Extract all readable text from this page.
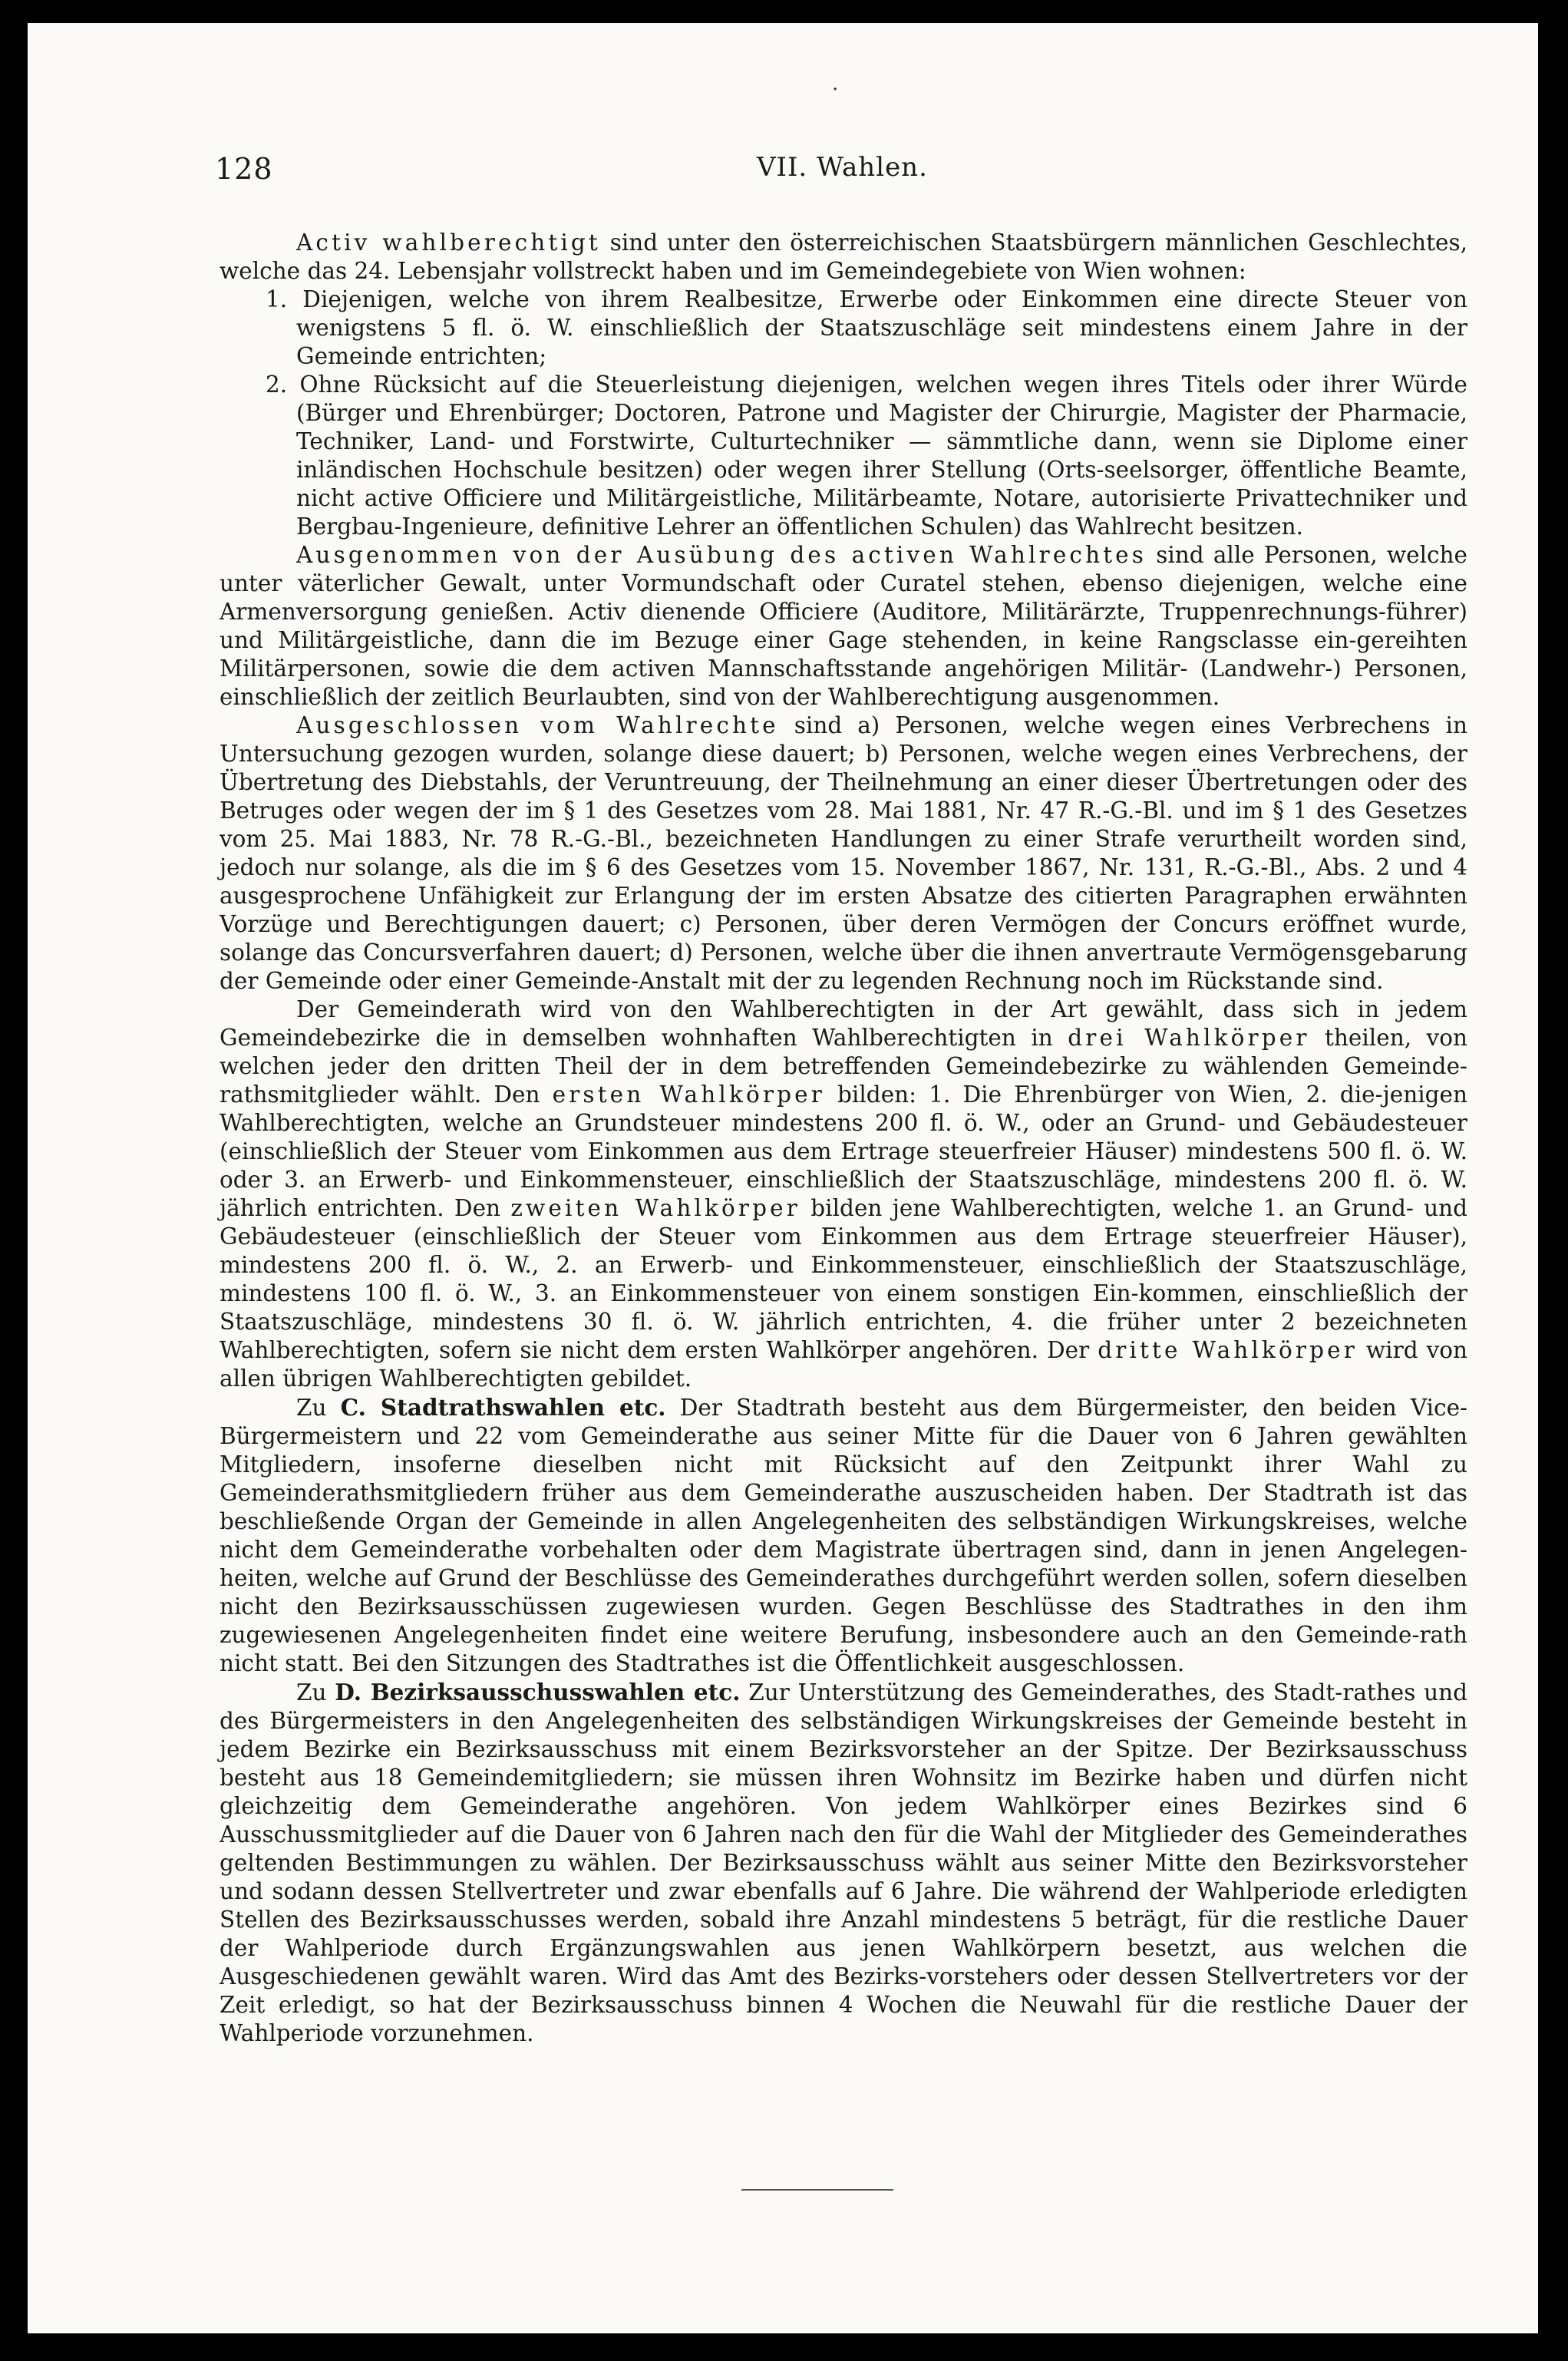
.
128	VII. Wahlen.

Activ wahlberechtigt sind unter den österreichischen Staatsbürgern männlichen Geschlechtes, welche das 24. Lebensjahr vollstreckt haben und im Gemeindegebiete von Wien wohnen:

1. Diejenigen, welche von ihrem Realbesitze, Erwerbe oder Einkommen eine directe Steuer von wenigstens 5 fl. ö. W. einschließlich der Staatszuschläge seit mindestens einem Jahre in der Gemeinde entrichten;
2. Ohne Rücksicht auf die Steuerleistung diejenigen, welchen wegen ihres Titels oder ihrer Würde (Bürger und Ehrenbürger; Doctoren, Patrone und Magister der Chirurgie, Magister der Pharmacie, Techniker, Land- und Forstwirte, Culturtechniker — sämmtliche dann, wenn sie Diplome einer inländischen Hochschule besitzen) oder wegen ihrer Stellung (Orts-seelsorger, öffentliche Beamte, nicht active Officiere und Militärgeistliche, Militärbeamte, Notare, autorisierte Privattechniker und Bergbau-Ingenieure, definitive Lehrer an öffentlichen Schulen) das Wahlrecht besitzen.

Ausgenommen von der Ausübung des activen Wahlrechtes sind alle Personen, welche unter väterlicher Gewalt, unter Vormundschaft oder Curatel stehen, ebenso diejenigen, welche eine Armenversorgung genießen. Activ dienende Officiere (Auditore, Militärärzte, Truppenrechnungs-führer) und Militärgeistliche, dann die im Bezuge einer Gage stehenden, in keine Rangsclasse ein-gereihten Militärpersonen, sowie die dem activen Mannschaftsstande angehörigen Militär- (Landwehr-) Personen, einschließlich der zeitlich Beurlaubten, sind von der Wahlberechtigung ausgenommen.

Ausgeschlossen vom Wahlrechte sind a) Personen, welche wegen eines Verbrechens in Untersuchung gezogen wurden, solange diese dauert; b) Personen, welche wegen eines Verbrechens, der Übertretung des Diebstahls, der Veruntreuung, der Theilnehmung an einer dieser Übertretungen oder des Betruges oder wegen der im § 1 des Gesetzes vom 28. Mai 1881, Nr. 47 R.-G.-Bl. und im § 1 des Gesetzes vom 25. Mai 1883, Nr. 78 R.-G.-Bl., bezeichneten Handlungen zu einer Strafe verurtheilt worden sind, jedoch nur solange, als die im § 6 des Gesetzes vom 15. November 1867, Nr. 131, R.-G.-Bl., Abs. 2 und 4 ausgesprochene Unfähigkeit zur Erlangung der im ersten Absatze des citierten Paragraphen erwähnten Vorzüge und Berechtigungen dauert; c) Personen, über deren Vermögen der Concurs eröffnet wurde, solange das Concursverfahren dauert; d) Personen, welche über die ihnen anvertraute Vermögensgebarung der Gemeinde oder einer Gemeinde-Anstalt mit der zu legenden Rechnung noch im Rückstande sind.

Der Gemeinderath wird von den Wahlberechtigten in der Art gewählt, dass sich in jedem Gemeindebezirke die in demselben wohnhaften Wahlberechtigten in drei Wahlkörper theilen, von welchen jeder den dritten Theil der in dem betreffenden Gemeindebezirke zu wählenden Gemeinde-rathsmitglieder wählt. Den ersten Wahlkörper bilden: 1. Die Ehrenbürger von Wien, 2. die-jenigen Wahlberechtigten, welche an Grundsteuer mindestens 200 fl. ö. W., oder an Grund- und Gebäudesteuer (einschließlich der Steuer vom Einkommen aus dem Ertrage steuerfreier Häuser) mindestens 500 fl. ö. W. oder 3. an Erwerb- und Einkommensteuer, einschließlich der Staatszuschläge, mindestens 200 fl. ö. W. jährlich entrichten. Den zweiten Wahlkörper bilden jene Wahlberechtigten, welche 1. an Grund- und Gebäudesteuer (einschließlich der Steuer vom Einkommen aus dem Ertrage steuerfreier Häuser), mindestens 200 fl. ö. W., 2. an Erwerb- und Einkommensteuer, einschließlich der Staatszuschläge, mindestens 100 fl. ö. W., 3. an Einkommensteuer von einem sonstigen Ein-kommen, einschließlich der Staatszuschläge, mindestens 30 fl. ö. W. jährlich entrichten, 4. die früher unter 2 bezeichneten Wahlberechtigten, sofern sie nicht dem ersten Wahlkörper angehören. Der dritte Wahlkörper wird von allen übrigen Wahlberechtigten gebildet.

Zu C. Stadtrathswahlen etc. Der Stadtrath besteht aus dem Bürgermeister, den beiden Vice-Bürgermeistern und 22 vom Gemeinderathe aus seiner Mitte für die Dauer von 6 Jahren gewählten Mitgliedern, insoferne dieselben nicht mit Rücksicht auf den Zeitpunkt ihrer Wahl zu Gemeinderathsmitgliedern früher aus dem Gemeinderathe auszuscheiden haben. Der Stadtrath ist das beschließende Organ der Gemeinde in allen Angelegenheiten des selbständigen Wirkungskreises, welche nicht dem Gemeinderathe vorbehalten oder dem Magistrate übertragen sind, dann in jenen Angelegen-heiten, welche auf Grund der Beschlüsse des Gemeinderathes durchgeführt werden sollen, sofern dieselben nicht den Bezirksausschüssen zugewiesen wurden. Gegen Beschlüsse des Stadtrathes in den ihm zugewiesenen Angelegenheiten findet eine weitere Berufung, insbesondere auch an den Gemeinde-rath nicht statt. Bei den Sitzungen des Stadtrathes ist die Öffentlichkeit ausgeschlossen.

Zu D. Bezirksausschusswahlen etc. Zur Unterstützung des Gemeinderathes, des Stadt-rathes und des Bürgermeisters in den Angelegenheiten des selbständigen Wirkungskreises der Gemeinde besteht in jedem Bezirke ein Bezirksausschuss mit einem Bezirksvorsteher an der Spitze. Der Bezirksausschuss besteht aus 18 Gemeindemitgliedern; sie müssen ihren Wohnsitz im Bezirke haben und dürfen nicht gleichzeitig dem Gemeinderathe angehören. Von jedem Wahlkörper eines Bezirkes sind 6 Ausschussmitglieder auf die Dauer von 6 Jahren nach den für die Wahl der Mitglieder des Gemeinderathes geltenden Bestimmungen zu wählen. Der Bezirksausschuss wählt aus seiner Mitte den Bezirksvorsteher und sodann dessen Stellvertreter und zwar ebenfalls auf 6 Jahre. Die während der Wahlperiode erledigten Stellen des Bezirksausschusses werden, sobald ihre Anzahl mindestens 5 beträgt, für die restliche Dauer der Wahlperiode durch Ergänzungswahlen aus jenen Wahlkörpern besetzt, aus welchen die Ausgeschiedenen gewählt waren. Wird das Amt des Bezirks-vorstehers oder dessen Stellvertreters vor der Zeit erledigt, so hat der Bezirksausschuss binnen 4 Wochen die Neuwahl für die restliche Dauer der Wahlperiode vorzunehmen.
